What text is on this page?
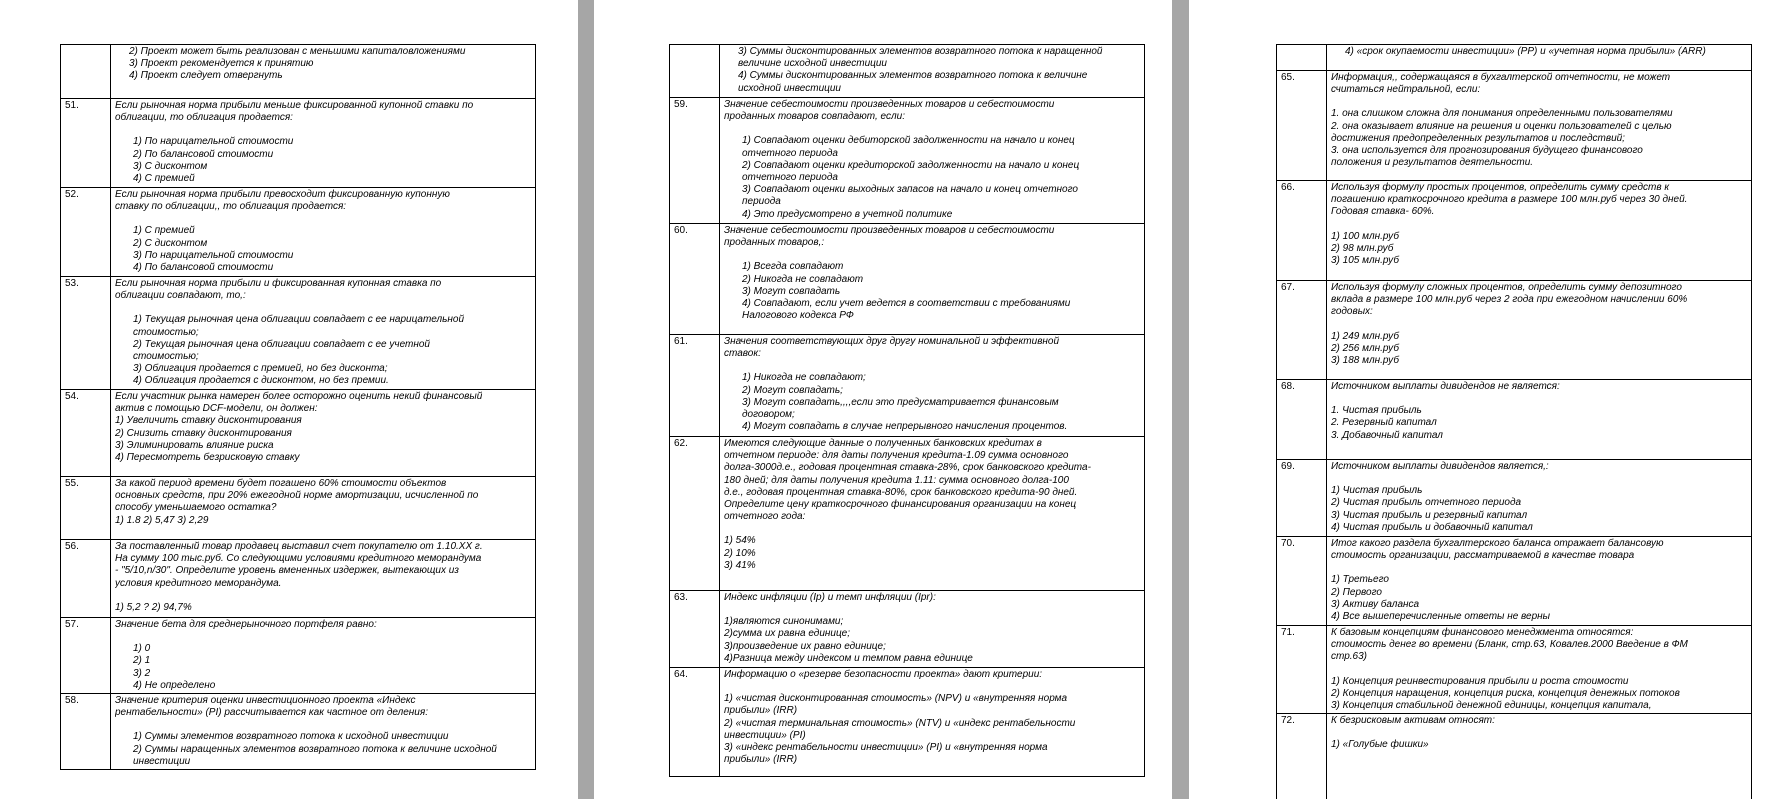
2) Проект может быть реализован с меньшими капиталовложениями

3) Проект рекомендуется к принятию

4) Проект следует отвергнуть

51.	Если рыночная норма прибыли меньше фиксированной купонной ставки по

облигации, то облигация продается:

1) По нарицательной стоимости

2) По балансовой стоимости

3) С дисконтом

4) С премией

52.	Если рыночная норма прибыли превосходит фиксированную купонную

ставку по облигации,, то облигация продается:

1) С премией

2) С дисконтом

3) По нарицательной стоимости

4) По балансовой стоимости

53.	Если рыночная норма прибыли и фиксированная купонная ставка по

облигации совпадают, то,:

1) Текущая рыночная цена облигации совпадает с ее нарицательной

стоимостью;

2) Текущая рыночная цена облигации совпадает с ее учетной

стоимостью;

3) Облигация продается с премией, но без дисконта;

4) Облигация продается с дисконтом, но без премии.

54.	Если участник рынка намерен более осторожно оценить некий финансовый

актив с помощью DCF-модели, он должен:

1) Увеличить ставку дисконтирования

2) Снизить ставку дисконтирования

3) Элиминировать влияние риска

4) Пересмотреть безрисковую ставку

55.	За какой период времени будет погашено 60% стоимости объектов

основных средств, при 20% ежегодной норме амортизации, исчисленной по

способу уменьшаемого остатка?

1) 1.8 2) 5,47 3) 2,29

56.	За поставленный товар продавец выставил счет покупателю от 1.10.XX г.

На сумму 100 тыс.руб. Со следующими условиями кредитного меморандума

- "5/10,n/30". Определите уровень вмененных издержек, вытекающих из

условия кредитного меморандума.

1) 5,2 ? 2) 94,7%

57.	Значение бета для среднерыночного портфеля равно:

1) 0

2) 1

3) 2

4) Не определено

58.	Значение критерия оценки инвестиционного проекта «Индекс

рентабельности» (PI) рассчитывается как частное от деления:

1) Суммы элементов возвратного потока к исходной инвестиции

2) Суммы наращенных элементов возвратного потока к величине исходной

инвестиции

3) Суммы дисконтированных элементов возвратного потока к наращенной

величине исходной инвестиции

4) Суммы дисконтированных элементов возвратного потока к величине

исходной инвестиции

59.	Значение себестоимости произведенных товаров и себестоимости

проданных товаров совпадают, если:

1) Совпадают оценки дебиторской задолженности на начало и конец

отчетного периода

2) Совпадают оценки кредиторской задолженности на начало и конец

отчетного периода

3) Совпадают оценки выходных запасов на начало и конец отчетного

периода

4) Это предусмотрено в учетной политике

60.	Значение себестоимости произведенных товаров и себестоимости

проданных товаров,:

1) Всегда совпадают

2) Никогда не совпадают

3) Могут совпадать

4) Совпадают, если учет ведется в соответствии с требованиями

Налогового кодекса РФ

61.	Значения соответствующих друг другу номинальной и эффективной

ставок:

1) Никогда не совпадают;

2) Могут совпадать;

3) Могут совпадать,,,,если это предусматривается финансовым

договором;

4) Могут совпадать в случае непрерывного начисления процентов.

62.	Имеются следующие данные о полученных банковских кредитах в

отчетном периоде: для даты получения кредита-1.09 сумма основного

долга-3000д.е., годовая процентная ставка-28%, срок банковского кредита-

180 дней; для даты получения кредита 1.11: сумма основного долга-100

д.е., годовая процентная ставка-80%, срок банковского кредита-90 дней.

Определите цену краткосрочного финансирования организации на конец

отчетного года:

1) 54%

2) 10%

3) 41%

63.	Индекс инфляции (Ip) и темп инфляции (Ipr):

1)являются синонимами;

2)сумма их равна единице;

3)произведение их равно единице;

4)Разница между индексом и темпом равна единице

64.	Информацию о «резерве безопасности проекта» дают критерии:

1) «чистая дисконтированная стоимость» (NPV) и «внутренняя норма

прибыли» (IRR)

2) «чистая терминальная стоимость» (NTV) и «индекс рентабельности

инвестиции» (PI)

3) «индекс рентабельности инвестиции» (PI) и «внутренняя норма

прибыли» (IRR)

4) «срок окупаемости инвестиции» (PP) и «учетная норма прибыли» (ARR)

65.	Информация,, содержащаяся в бухгалтерской отчетности, не может

считаться нейтральной, если:

1. она слишком сложна для понимания определенными пользователями

2. она оказывает влияние на решения и оценки пользователей с целью

достижения предопределенных результатов и последствий;

3. она используется для прогнозирования будущего финансового

положения и результатов деятельности.

66.	Используя формулу простых процентов, определить сумму средств к

погашению краткосрочного кредита в размере 100 млн.руб через 30 дней.

Годовая ставка- 60%.

1) 100 млн.руб

2) 98 млн.руб

3) 105 млн.руб

67.	Используя формулу сложных процентов, определить сумму депозитного

вклада в размере 100 млн.руб через 2 года при ежегодном начислении 60%

годовых:

1) 249 млн.руб

2) 256 млн.руб

3) 188 млн.руб

68.	Источником выплаты дивидендов не является:

1. Чистая прибыль

2. Резервный капитал

3. Добавочный капитал

69.	Источником выплаты дивидендов является,:

1) Чистая прибыль

2) Чистая прибыль отчетного периода

3) Чистая прибыль и резервный капитал

4) Чистая прибыль и добавочный капитал

70.	Итог какого раздела бухгалтерского баланса отражает балансовую

стоимость организации, рассматриваемой в качестве товара

1) Третьего

2) Первого

3) Активу баланса

4) Все вышеперечисленные ответы не верны

71.	К базовым концепциям финансового менеджмента относятся:

стоимость денег во времени (Бланк, стр.63, Ковалев.2000 Введение в ФМ

стр.63)

1) Концепция реинвестирования прибыли и роста стоимости

2) Концепция наращения, концепция риска, концепция денежных потоков

3) Концепция стабильной денежной единицы, концепция капитала,

72.	К безрисковым активам относят:

1) «Голубые фишки»
